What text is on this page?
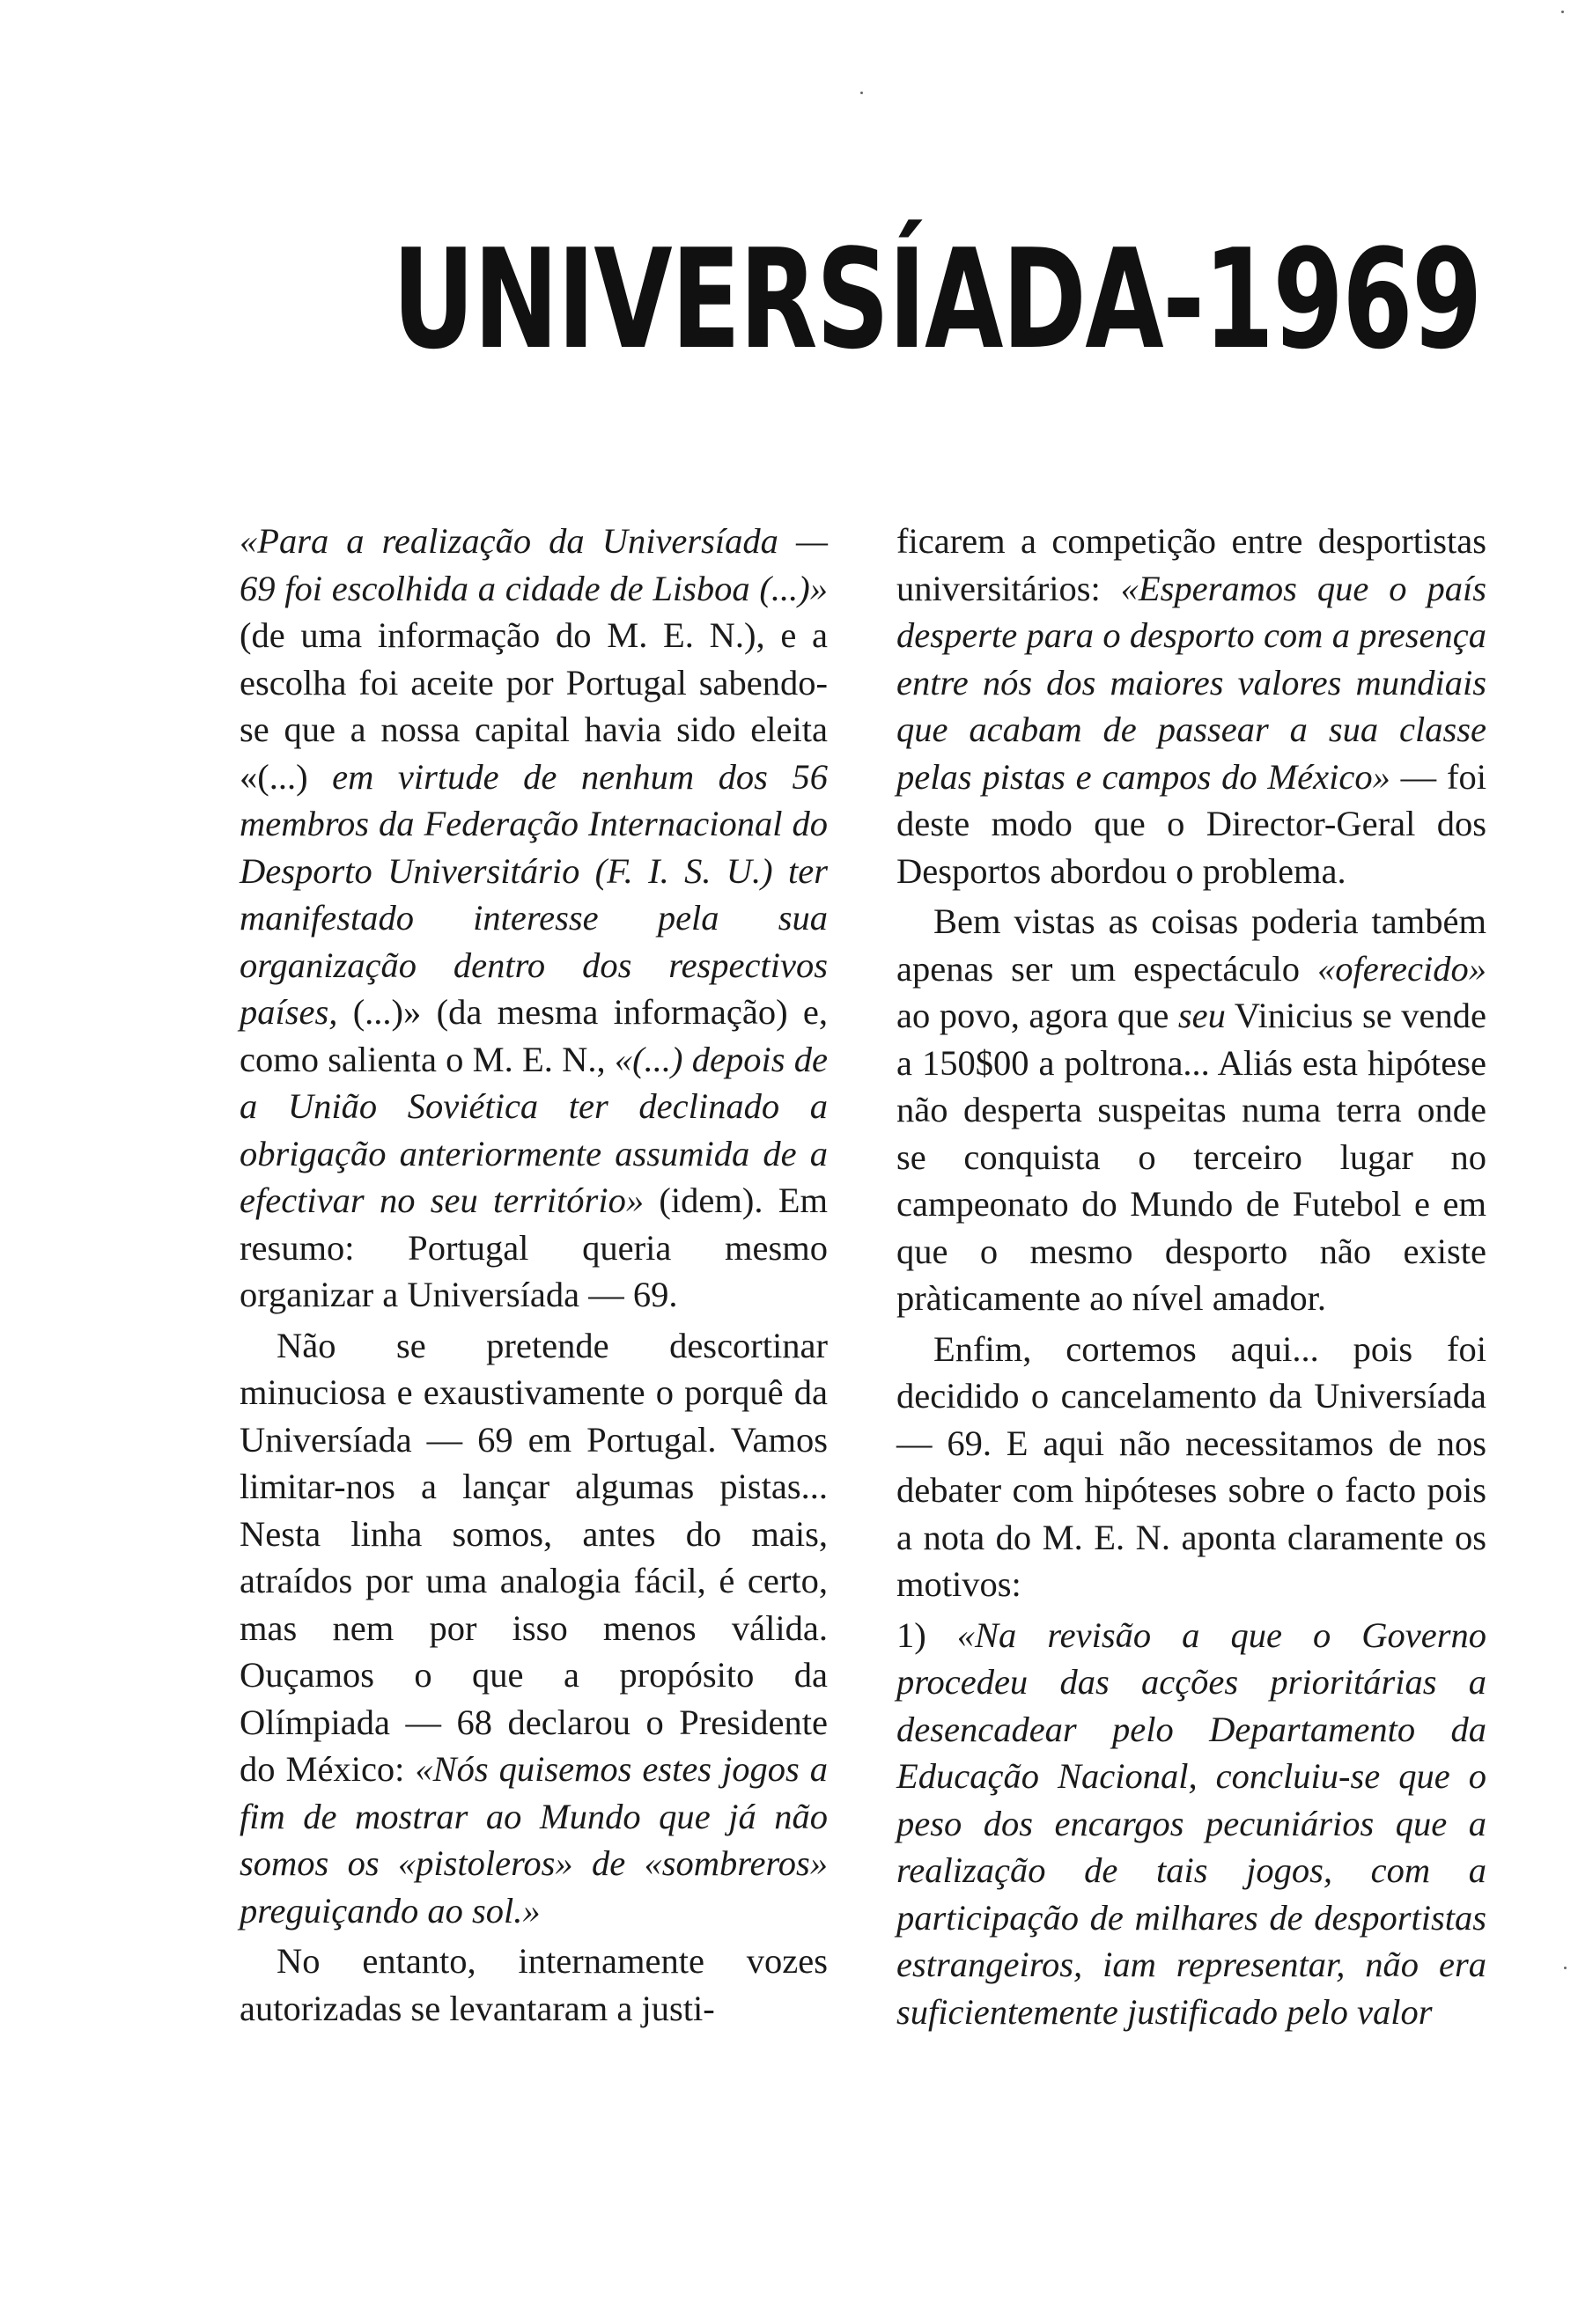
UNIVERSÍADA-1969

«Para a realização da Universíada — 69 foi escolhida a cidade de Lisboa (...)» (de uma informação do M. E. N.), e a escolha foi aceite por Portugal sabendo-se que a nossa capital havia sido eleita «(...) em virtude de nenhum dos 56 membros da Federação Internacional do Desporto Universitário (F. I. S. U.) ter manifestado interesse pela sua organização dentro dos respectivos países, (...)» (da mesma informação) e, como salienta o M. E. N., «(...) depois de a União Soviética ter declinado a obrigação anteriormente assumida de a efectivar no seu território» (idem). Em resumo: Portugal queria mesmo organizar a Universíada — 69.

Não se pretende descortinar minuciosa e exaustivamente o porquê da Universíada — 69 em Portugal. Vamos limitar-nos a lançar algumas pistas... Nesta linha somos, antes do mais, atraídos por uma analogia fácil, é certo, mas nem por isso menos válida. Ouçamos o que a propósito da Olímpiada — 68 declarou o Presidente do México: «Nós quisemos estes jogos a fim de mostrar ao Mundo que já não somos os «pistoleros» de «sombreros» preguiçando ao sol.»

No entanto, internamente vozes autorizadas se levantaram a justi-

ficarem a competição entre desportistas universitários: «Esperamos que o país desperte para o desporto com a presença entre nós dos maiores valores mundiais que acabam de passear a sua classe pelas pistas e campos do México» — foi deste modo que o Director-Geral dos Desportos abordou o problema.

Bem vistas as coisas poderia também apenas ser um espectáculo «oferecido» ao povo, agora que seu Vinicius se vende a 150$00 a poltrona... Aliás esta hipótese não desperta suspeitas numa terra onde se conquista o terceiro lugar no campeonato do Mundo de Futebol e em que o mesmo desporto não existe pràticamente ao nível amador.

Enfim, cortemos aqui... pois foi decidido o cancelamento da Universíada — 69. E aqui não necessitamos de nos debater com hipóteses sobre o facto pois a nota do M. E. N. aponta claramente os motivos:

1) «Na revisão a que o Governo procedeu das acções prioritárias a desencadear pelo Departamento da Educação Nacional, concluiu-se que o peso dos encargos pecuniários que a realização de tais jogos, com a participação de milhares de desportistas estrangeiros, iam representar, não era suficientemente justificado pelo valor
